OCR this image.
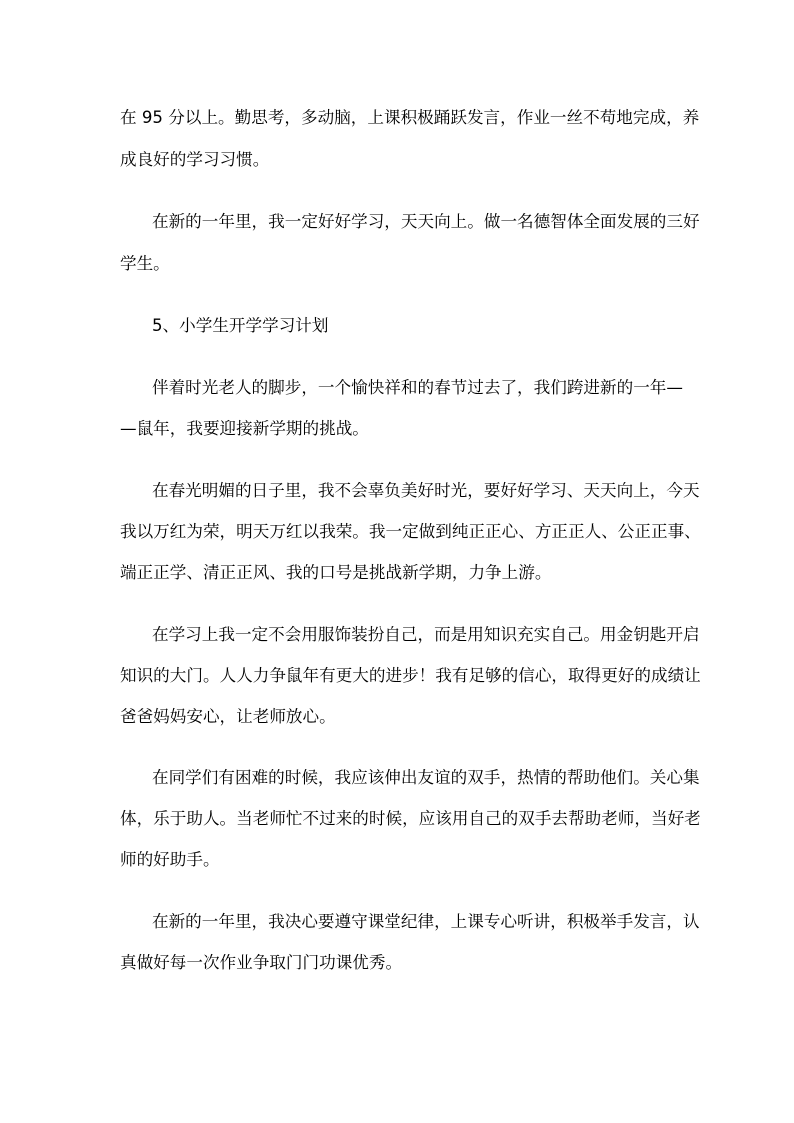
在 95 分以上。勤思考，多动脑，上课积极踊跃发言，作业一丝不苟地完成，养
成良好的学习习惯。
在新的一年里，我一定好好学习，天天向上。做一名德智体全面发展的三好
学生。
5、小学生开学学习计划
伴着时光老人的脚步，一个愉快祥和的春节过去了，我们跨进新的一年—
—鼠年，我要迎接新学期的挑战。
在春光明媚的日子里，我不会辜负美好时光，要好好学习、天天向上，今天
我以万红为荣，明天万红以我荣。我一定做到纯正正心、方正正人、公正正事、
端正正学、清正正风、我的口号是挑战新学期，力争上游。
在学习上我一定不会用服饰装扮自己，而是用知识充实自己。用金钥匙开启
知识的大门。人人力争鼠年有更大的进步！我有足够的信心，取得更好的成绩让
爸爸妈妈安心，让老师放心。
在同学们有困难的时候，我应该伸出友谊的双手，热情的帮助他们。关心集
体，乐于助人。当老师忙不过来的时候，应该用自己的双手去帮助老师，当好老
师的好助手。
在新的一年里，我决心要遵守课堂纪律，上课专心听讲，积极举手发言，认
真做好每一次作业争取门门功课优秀。
